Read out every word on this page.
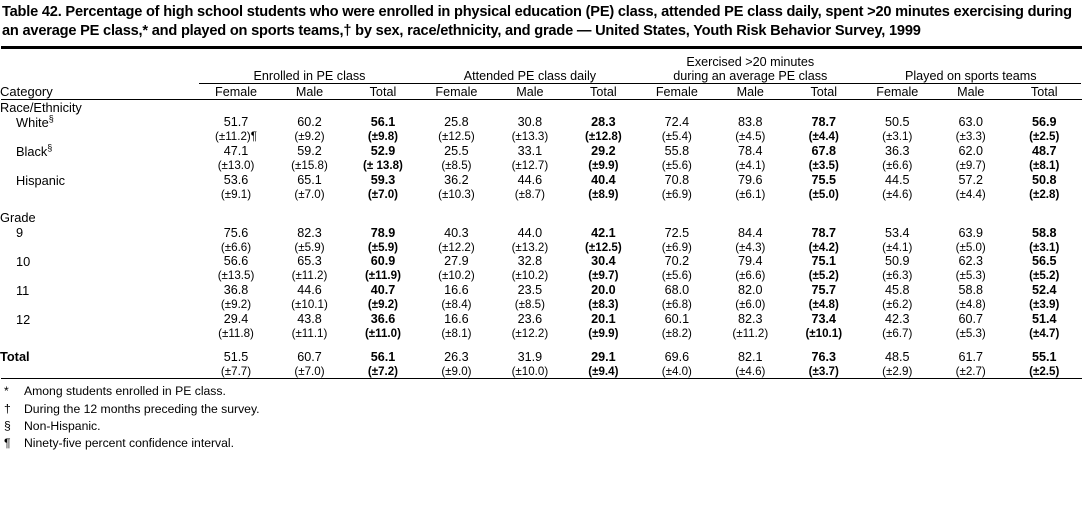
Table 42. Percentage of high school students who were enrolled in physical education (PE) class, attended PE class daily, spent >20 minutes exercising during an average PE class,* and played on sports teams,† by sex, race/ethnicity, and grade — United States, Youth Risk Behavior Survey, 1999
							Exercised >20 minutes					
	Enrolled in PE class			Attended PE class daily			during an average PE class			Played on sports teams		
Category	Female	Male	Total	Female	Male	Total	Female	Male	Total	Female	Male	Total
Race/Ethnicity												
White§	51.7	60.2	56.1	25.8	30.8	28.3	72.4	83.8	78.7	50.5	63.0	56.9
	(±11.2)¶	(±9.2)	(±9.8)	(±12.5)	(±13.3)	(±12.8)	(±5.4)	(±4.5)	(±4.4)	(±3.1)	(±3.3)	(±2.5)
Black§	47.1	59.2	52.9	25.5	33.1	29.2	55.8	78.4	67.8	36.3	62.0	48.7
	(±13.0)	(±15.8)	(± 13.8)	(±8.5)	(±12.7)	(±9.9)	(±5.6)	(±4.1)	(±3.5)	(±6.6)	(±9.7)	(±8.1)
Hispanic	53.6	65.1	59.3	36.2	44.6	40.4	70.8	79.6	75.5	44.5	57.2	50.8
	(±9.1)	(±7.0)	(±7.0)	(±10.3)	(±8.7)	(±8.9)	(±6.9)	(±6.1)	(±5.0)	(±4.6)	(±4.4)	(±2.8)

Grade												
9	75.6	82.3	78.9	40.3	44.0	42.1	72.5	84.4	78.7	53.4	63.9	58.8
	(±6.6)	(±5.9)	(±5.9)	(±12.2)	(±13.2)	(±12.5)	(±6.9)	(±4.3)	(±4.2)	(±4.1)	(±5.0)	(±3.1)
10	56.6	65.3	60.9	27.9	32.8	30.4	70.2	79.4	75.1	50.9	62.3	56.5
	(±13.5)	(±11.2)	(±11.9)	(±10.2)	(±10.2)	(±9.7)	(±5.6)	(±6.6)	(±5.2)	(±6.3)	(±5.3)	(±5.2)
11	36.8	44.6	40.7	16.6	23.5	20.0	68.0	82.0	75.7	45.8	58.8	52.4
	(±9.2)	(±10.1)	(±9.2)	(±8.4)	(±8.5)	(±8.3)	(±6.8)	(±6.0)	(±4.8)	(±6.2)	(±4.8)	(±3.9)
12	29.4	43.8	36.6	16.6	23.6	20.1	60.1	82.3	73.4	42.3	60.7	51.4
	(±11.8)	(±11.1)	(±11.0)	(±8.1)	(±12.2)	(±9.9)	(±8.2)	(±11.2)	(±10.1)	(±6.7)	(±5.3)	(±4.7)

Total	51.5	60.7	56.1	26.3	31.9	29.1	69.6	82.1	76.3	48.5	61.7	55.1
	(±7.7)	(±7.0)	(±7.2)	(±9.0)	(±10.0)	(±9.4)	(±4.0)	(±4.6)	(±3.7)	(±2.9)	(±2.7)	(±2.5)
*	Among students enrolled in PE class.
†	During the 12 months preceding the survey.
§	Non-Hispanic.
¶	Ninety-five percent confidence interval.
